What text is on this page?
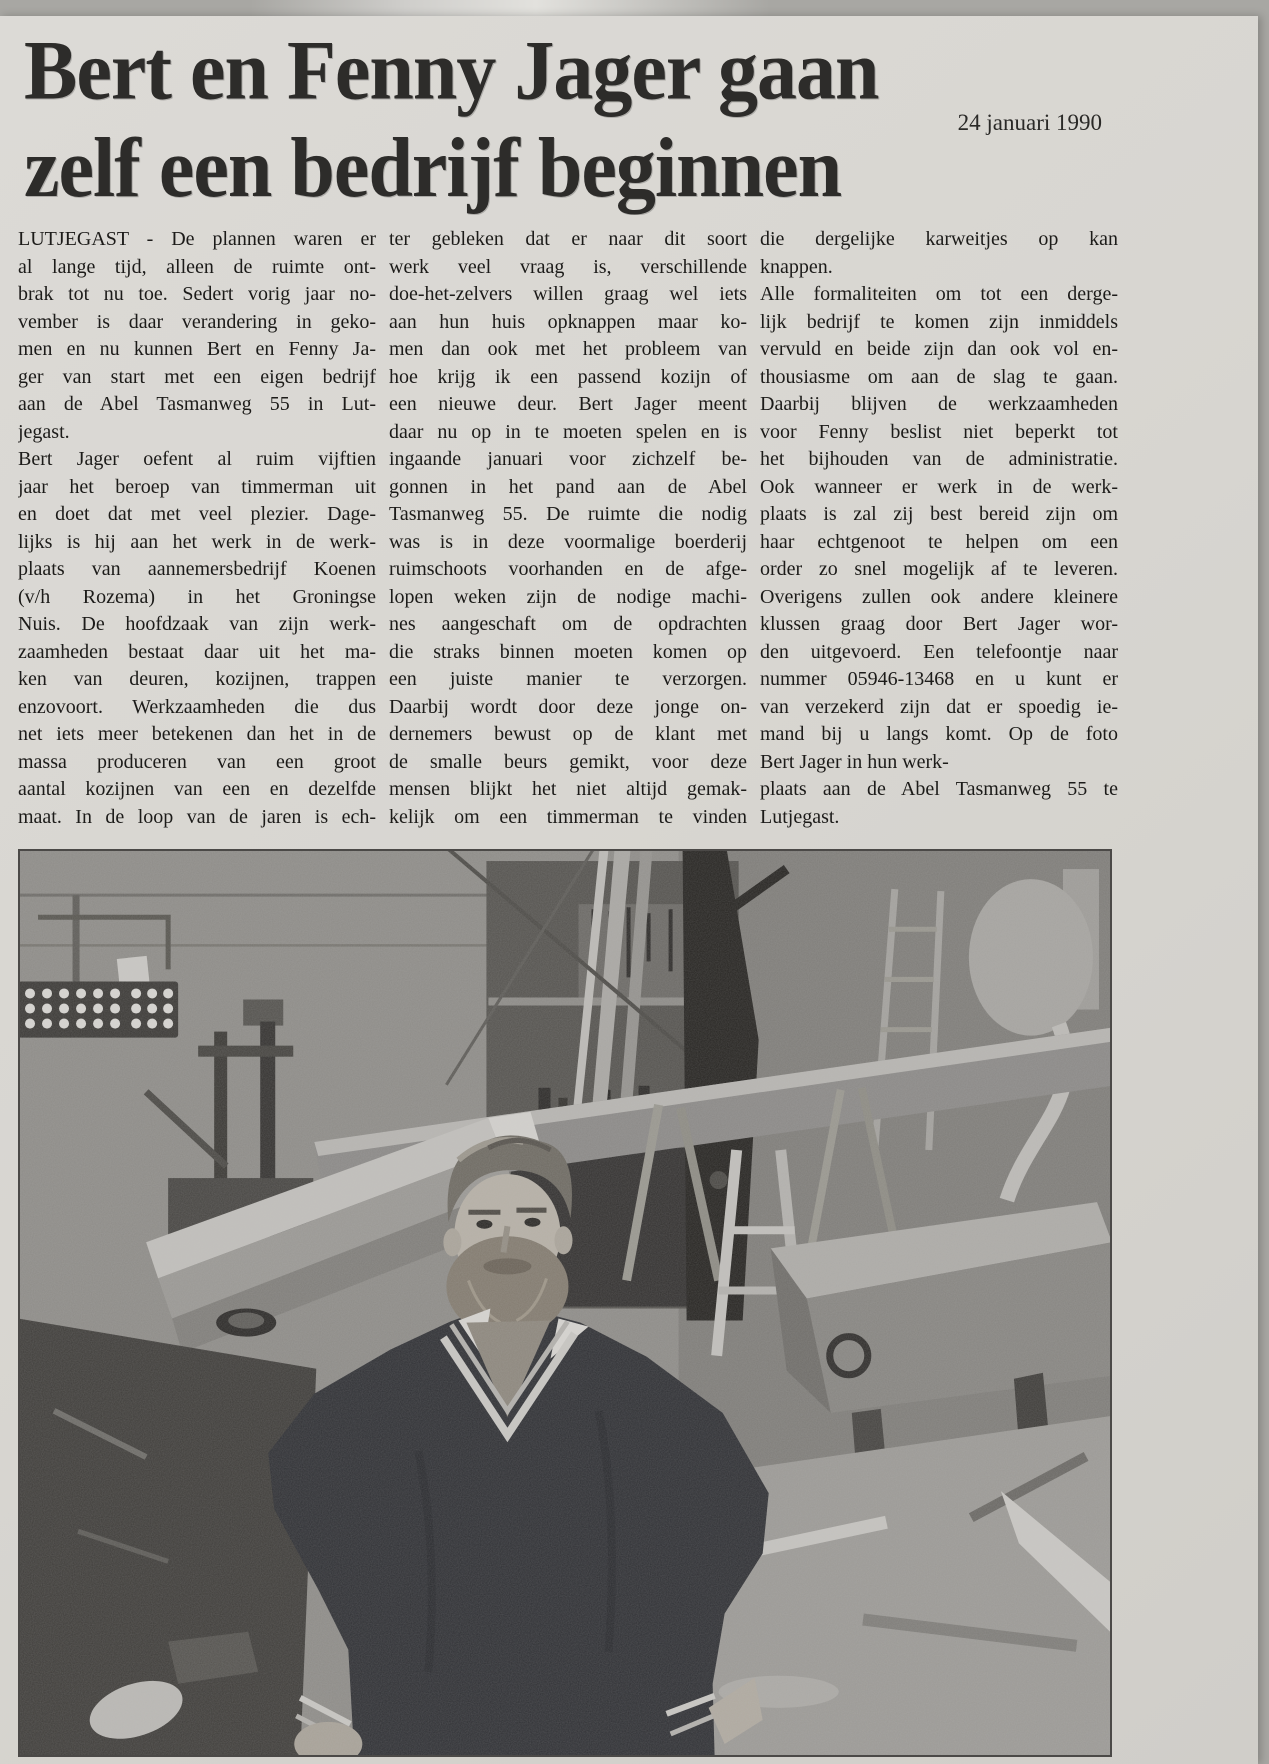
Bert en Fenny Jager gaan
zelf een bedrijf beginnen	24 januari 1990
LUTJEGAST - De plannen waren er
al lange tijd, alleen de ruimte ont-
brak tot nu toe. Sedert vorig jaar no-
vember is daar verandering in geko-
men en nu kunnen Bert en Fenny Ja-
ger van start met een eigen bedrijf
aan de Abel Tasmanweg 55 in Lut-
jegast.
Bert Jager oefent al ruim vijftien
jaar het beroep van timmerman uit
en doet dat met veel plezier. Dage-
lijks is hij aan het werk in de werk-
plaats van aannemersbedrijf Koenen
(v/h Rozema) in het Groningse
Nuis. De hoofdzaak van zijn werk-
zaamheden bestaat daar uit het ma-
ken van deuren, kozijnen, trappen
enzovoort. Werkzaamheden die dus
net iets meer betekenen dan het in de
massa produceren van een groot
aantal kozijnen van een en dezelfde
maat. In de loop van de jaren is ech-
ter gebleken dat er naar dit soort
werk veel vraag is, verschillende
doe-het-zelvers willen graag wel iets
aan hun huis opknappen maar ko-
men dan ook met het probleem van
hoe krijg ik een passend kozijn of
een nieuwe deur. Bert Jager meent
daar nu op in te moeten spelen en is
ingaande januari voor zichzelf be-
gonnen in het pand aan de Abel
Tasmanweg 55. De ruimte die nodig
was is in deze voormalige boerderij
ruimschoots voorhanden en de afge-
lopen weken zijn de nodige machi-
nes aangeschaft om de opdrachten
die straks binnen moeten komen op
een juiste manier te verzorgen.
Daarbij wordt door deze jonge on-
dernemers bewust op de klant met
de smalle beurs gemikt, voor deze
mensen blijkt het niet altijd gemak-
kelijk om een timmerman te vinden
die dergelijke karweitjes op kan
knappen.
Alle formaliteiten om tot een derge-
lijk bedrijf te komen zijn inmiddels
vervuld en beide zijn dan ook vol en-
thousiasme om aan de slag te gaan.
Daarbij blijven de werkzaamheden
voor Fenny beslist niet beperkt tot
het bijhouden van de administratie.
Ook wanneer er werk in de werk-
plaats is zal zij best bereid zijn om
haar echtgenoot te helpen om een
order zo snel mogelijk af te leveren.
Overigens zullen ook andere kleinere
klussen graag door Bert Jager wor-
den uitgevoerd. Een telefoontje naar
nummer 05946-13468 en u kunt er
van verzekerd zijn dat er spoedig ie-
mand bij u langs komt. Op de foto
Bert Jager in hun werk-
plaats aan de Abel Tasmanweg 55 te
Lutjegast.
